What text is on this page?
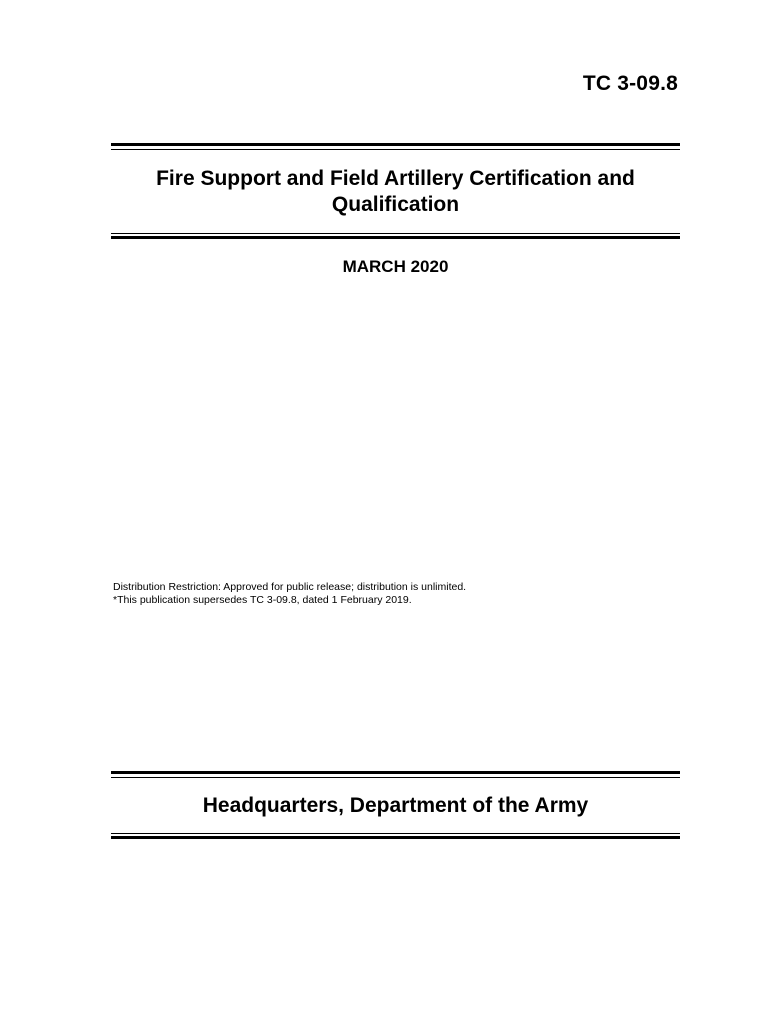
TC 3-09.8
Fire Support and Field Artillery Certification and Qualification
MARCH 2020
Distribution Restriction: Approved for public release; distribution is unlimited.
*This publication supersedes TC 3-09.8, dated 1 February 2019.
Headquarters, Department of the Army
